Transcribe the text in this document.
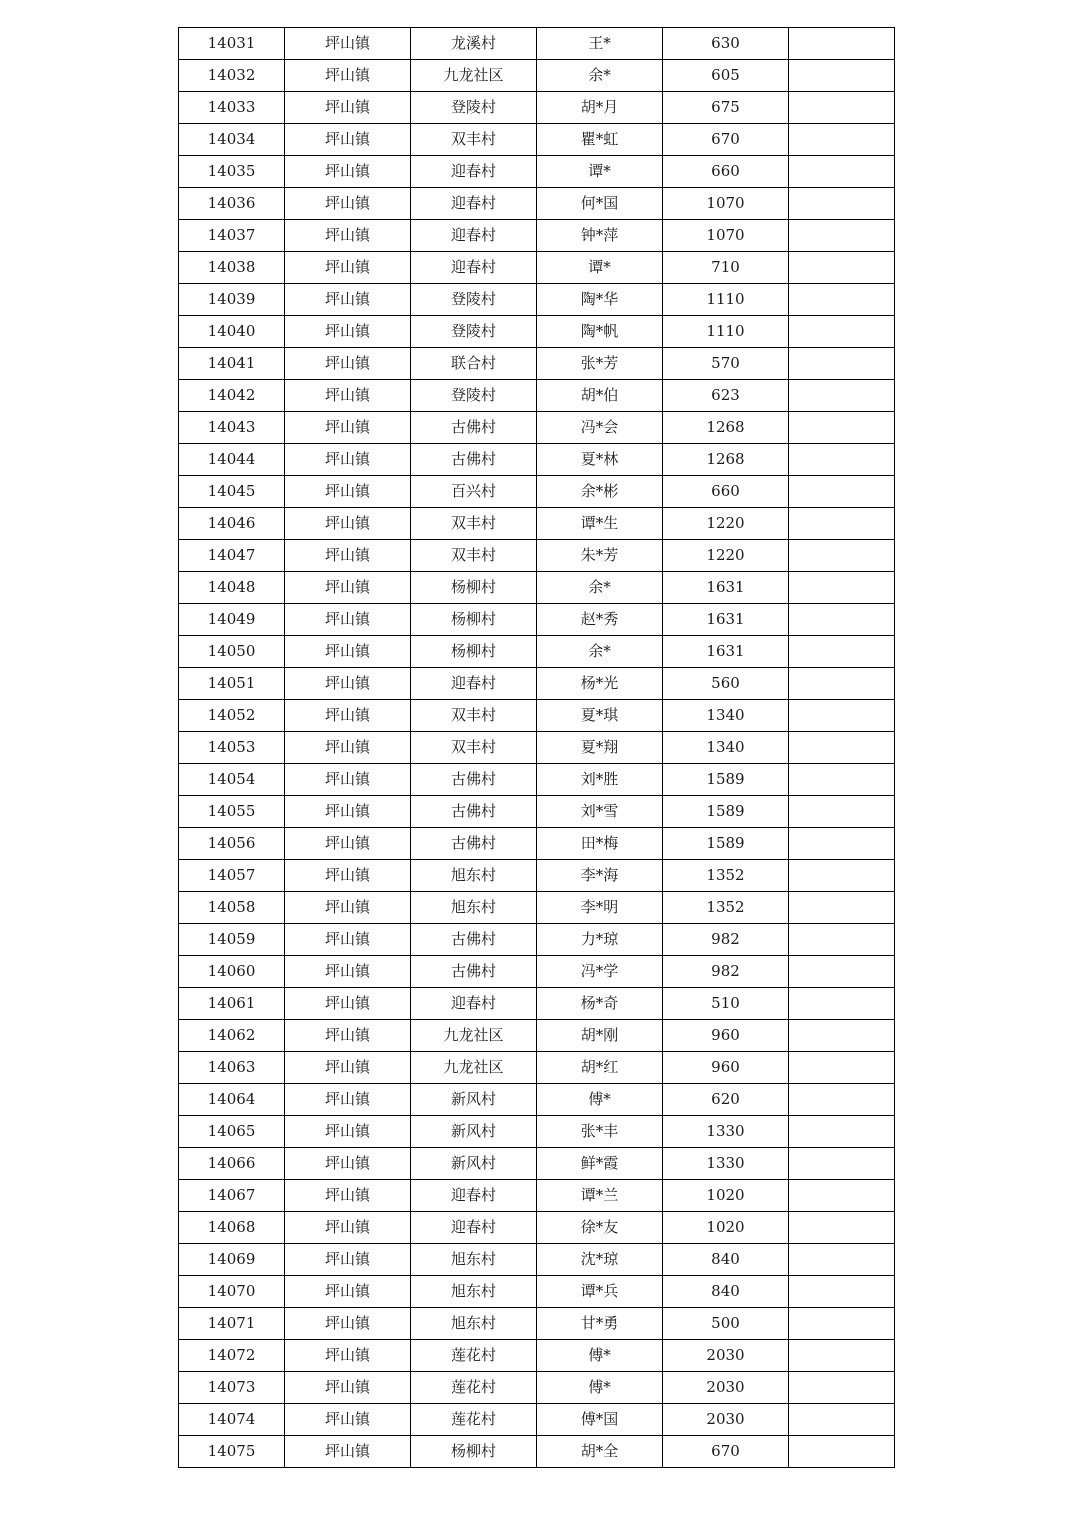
14031	坪山镇	龙溪村	王*	630	
14032	坪山镇	九龙社区	余*	605	
14033	坪山镇	登陵村	胡*月	675	
14034	坪山镇	双丰村	瞿*虹	670	
14035	坪山镇	迎春村	谭*	660	
14036	坪山镇	迎春村	何*国	1070	
14037	坪山镇	迎春村	钟*萍	1070	
14038	坪山镇	迎春村	谭*	710	
14039	坪山镇	登陵村	陶*华	1110	
14040	坪山镇	登陵村	陶*帆	1110	
14041	坪山镇	联合村	张*芳	570	
14042	坪山镇	登陵村	胡*伯	623	
14043	坪山镇	古佛村	冯*会	1268	
14044	坪山镇	古佛村	夏*林	1268	
14045	坪山镇	百兴村	余*彬	660	
14046	坪山镇	双丰村	谭*生	1220	
14047	坪山镇	双丰村	朱*芳	1220	
14048	坪山镇	杨柳村	余*	1631	
14049	坪山镇	杨柳村	赵*秀	1631	
14050	坪山镇	杨柳村	余*	1631	
14051	坪山镇	迎春村	杨*光	560	
14052	坪山镇	双丰村	夏*琪	1340	
14053	坪山镇	双丰村	夏*翔	1340	
14054	坪山镇	古佛村	刘*胜	1589	
14055	坪山镇	古佛村	刘*雪	1589	
14056	坪山镇	古佛村	田*梅	1589	
14057	坪山镇	旭东村	李*海	1352	
14058	坪山镇	旭东村	李*明	1352	
14059	坪山镇	古佛村	力*琼	982	
14060	坪山镇	古佛村	冯*学	982	
14061	坪山镇	迎春村	杨*奇	510	
14062	坪山镇	九龙社区	胡*刚	960	
14063	坪山镇	九龙社区	胡*红	960	
14064	坪山镇	新风村	傅*	620	
14065	坪山镇	新风村	张*丰	1330	
14066	坪山镇	新风村	鲜*霞	1330	
14067	坪山镇	迎春村	谭*兰	1020	
14068	坪山镇	迎春村	徐*友	1020	
14069	坪山镇	旭东村	沈*琼	840	
14070	坪山镇	旭东村	谭*兵	840	
14071	坪山镇	旭东村	甘*勇	500	
14072	坪山镇	莲花村	傅*	2030	
14073	坪山镇	莲花村	傅*	2030	
14074	坪山镇	莲花村	傅*国	2030	
14075	坪山镇	杨柳村	胡*全	670	
